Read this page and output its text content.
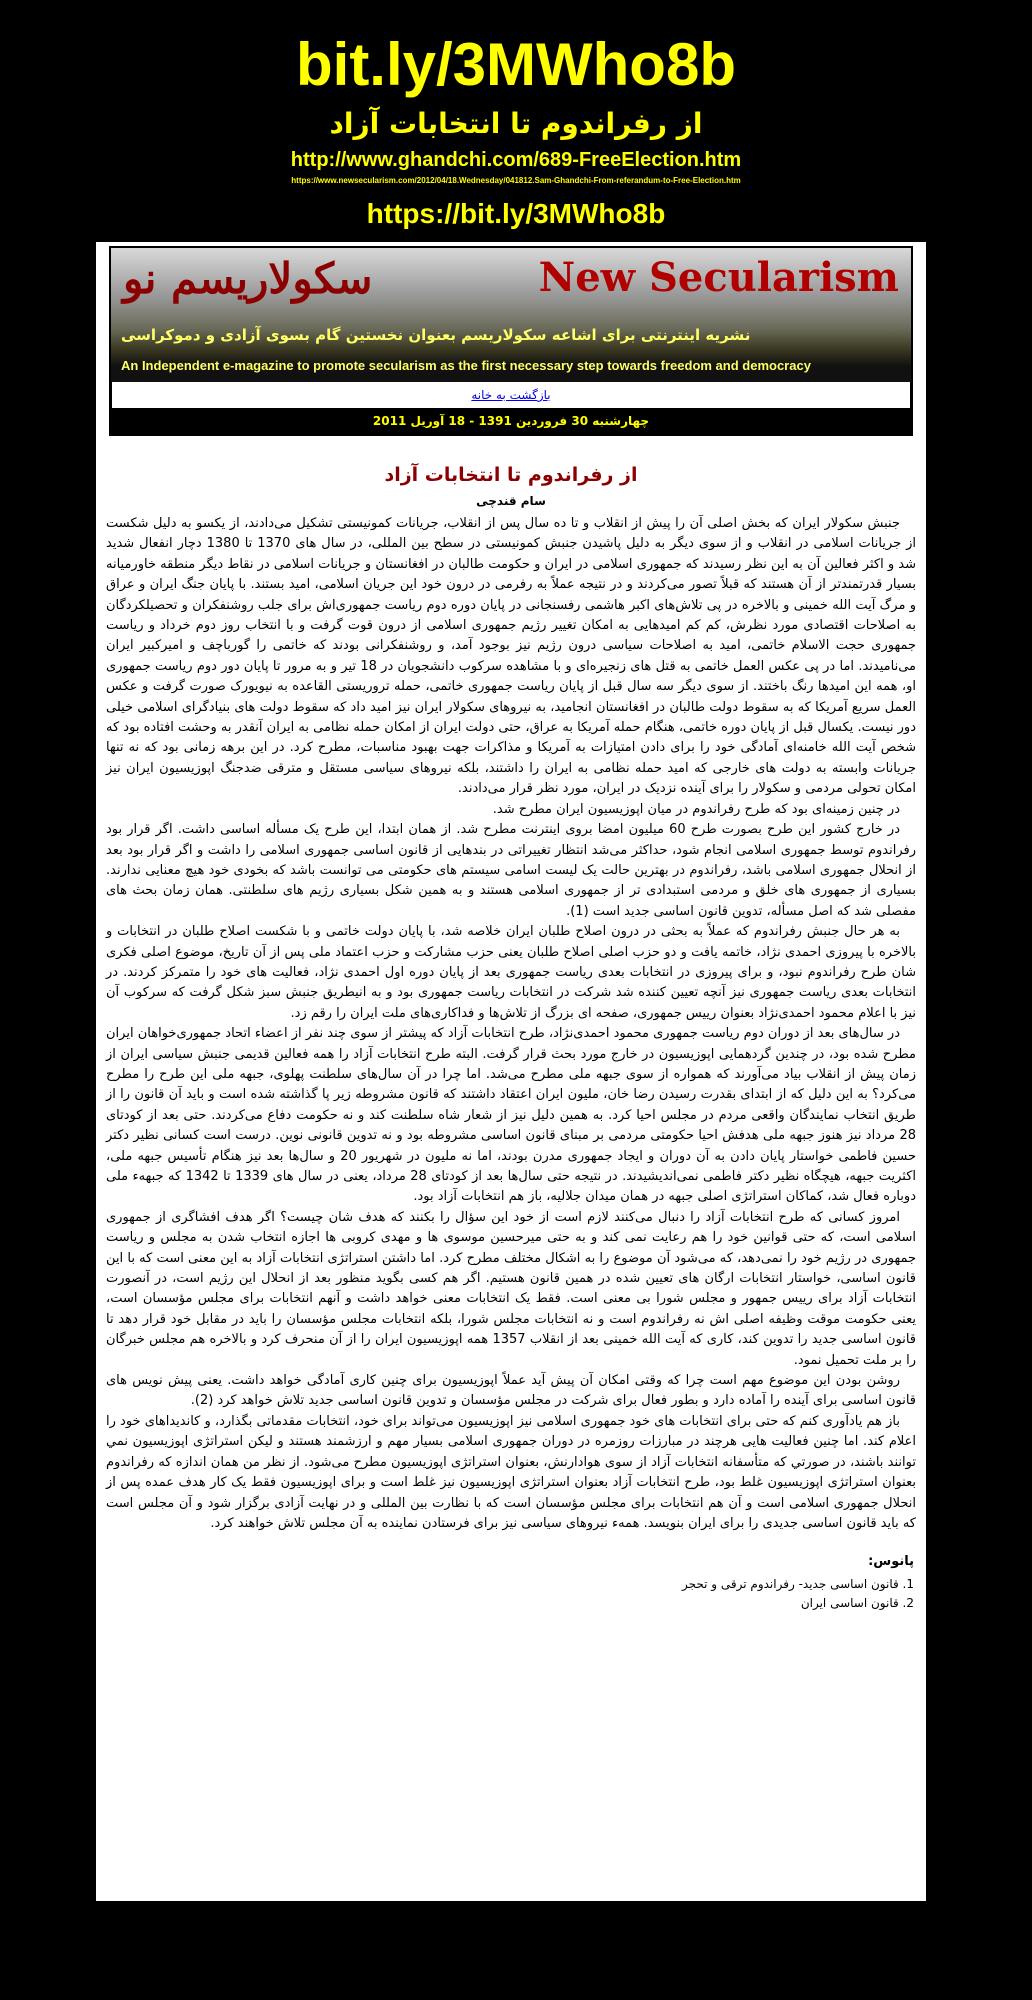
bit.ly/3MWho8b
از رفراندوم تا انتخابات آزاد
http://www.ghandchi.com/689-FreeElection.htm
https://www.newsecularism.com/2012/04/18.Wednesday/041812.Sam-Ghandchi-From-referandum-to-Free-Election.htm
https://bit.ly/3MWho8b
سکولاریسم نو	New Secularism
نشریه اینترنتی برای اشاعه سکولاریسم بعنوان نخستین گام بسوی آزادی و دموکراسی
An Independent e-magazine to promote secularism as the first necessary step towards freedom and democracy
بازگشت به خانه
چهارشنبه 30 فروردین 1391 - 18 آوریل 2011
از رفراندوم تا انتخابات آزاد
سام قندچی

جنبش سکولار ایران که بخش اصلی آن را پیش از انقلاب و تا ده سال پس از انقلاب، جریانات کمونیستی تشکیل می‌دادند، از یکسو به دلیل شکست از جریانات اسلامی در انقلاب و از سوی دیگر به دلیل پاشیدن جنبش کمونیستی در سطح بین المللی، در سال های 1370 تا 1380 دچار انفعال شدید شد و اکثر فعالین آن به این نظر رسیدند که جمهوری اسلامی در ایران و حکومت طالبان در افغانستان و جریانات اسلامی در نقاط دیگر منطقه خاورمیانه بسیار قدرتمندتر از آن هستند که قبلاً تصور می‌کردند و در نتیجه عملاً به رفرمی در درون خود این جریان اسلامی، امید بستند. با پایان جنگ ایران و عراق و مرگ آیت الله خمینی و بالاخره در پی تلاش‌های اکبر هاشمی رفسنجانی در پایان دوره دوم ریاست جمهوری‌اش برای جلب روشنفکران و تحصیلکردگان به اصلاحات اقتصادی مورد نظرش، کم کم امیدهایی به امکان تغییر رژیم جمهوری اسلامی از درون قوت گرفت و با انتخاب روز دوم خرداد و ریاست جمهوری حجت الاسلام خاتمی، امید به اصلاحات سیاسی درون رژیم نیز بوجود آمد، و روشنفکرانی بودند که خاتمی را گورباچف و امیرکبیر ایران می‌نامیدند. اما در پی عکس العمل خاتمی به قتل های زنجیره‌ای و با مشاهده سرکوب دانشجویان در 18 تیر و به مرور تا پایان دور دوم ریاست جمهوری او، همه این امیدها رنگ باختند. از سوی دیگر سه سال قبل از پایان ریاست جمهوری خاتمی، حمله تروریستی القاعده به نیویورک صورت گرفت و عکس العمل سریع آمریکا که به سقوط دولت طالبان در افغانستان انجامید، به نیروهای سکولار ایران نیز امید داد که سقوط دولت های بنیادگرای اسلامی خیلی دور نیست. یکسال قبل از پایان دوره خاتمی، هنگام حمله آمریکا به عراق، حتی دولت ایران از امکان حمله نظامی به ایران آنقدر به وحشت افتاده بود که شخص آیت الله خامنه‌ای آمادگی خود را برای دادن امتیازات به آمریکا و مذاکرات جهت بهبود مناسبات، مطرح کرد. در این برهه زمانی بود که نه تنها جریانات وابسته به دولت های خارجی که امید حمله نظامی به ایران را داشتند، بلکه نیروهای سیاسی مستقل و مترقی ضدجنگ اپوزیسیون ایران نیز امکان تحولی مردمی و سکولار را برای آینده نزدیک در ایران، مورد نظر قرار می‌دادند.

در چنین زمینه‌ای بود که طرح رفراندوم در میان اپوزیسیون ایران مطرح شد.

در خارج کشور این طرح بصورت طرح 60 میلیون امضا بروی اینترنت مطرح شد. از همان ابتدا، این طرح یک مسأله اساسی داشت. اگر قرار بود رفراندوم توسط جمهوری اسلامی انجام شود، حداکثر می‌شد انتظار تغییراتی در بندهایی از قانون اساسی جمهوری اسلامی را داشت و اگر قرار بود بعد از انحلال جمهوری اسلامی باشد، رفراندوم در بهترین حالت یک لیست اسامی سیستم های حکومتی می توانست باشد که بخودی خود هیچ معنایی ندارند. بسیاری از جمهوری های خلق و مردمی استبدادی تر از جمهوری اسلامی هستند و به همین شکل بسیاری رژیم های سلطنتی. همان زمان بحث های مفصلی شد که اصل مسأله، تدوین قانون اساسی جدید است (1).

به هر حال جنبش رفراندوم که عملاً به بحثی در درون اصلاح طلبان ایران خلاصه شد، با پایان دولت خاتمی و با شکست اصلاح طلبان در انتخابات و بالاخره با پیروزی احمدی نژاد، خاتمه یافت و دو حزب اصلی اصلاح طلبان یعنی حزب مشارکت و حزب اعتماد ملی پس از آن تاریخ، موضوع اصلی فکری شان طرح رفراندوم نبود، و برای پیروزی در انتخابات بعدی ریاست جمهوری بعد از پایان دوره اول احمدی نژاد، فعالیت های خود را متمرکز کردند. در انتخابات بعدی ریاست جمهوری نیز آنچه تعیین کننده شد شرکت در انتخابات ریاست جمهوری بود و به انیطریق جنبش سبز شکل گرفت که سرکوب آن نیز با اعلام محمود احمدی‌نژاد بعنوان رییس جمهوری، صفحه ای بزرگ از تلاش‌ها و فداکاری‌های ملت ایران را رقم زد.

در سال‌های بعد از دوران دوم ریاست جمهوری محمود احمدی‌نژاد، طرح انتخابات آزاد که پیشتر از سوی چند نفر از اعضاء اتحاد جمهوری‌خواهان ایران مطرح شده بود، در چندین گردهمایی اپوزیسیون در خارج مورد بحث قرار گرفت. البته طرح انتخابات آزاد را همه فعالین قدیمی جنبش سیاسی ایران از زمان پیش از انقلاب بیاد می‌آورند که همواره از سوی جبهه ملی مطرح می‌شد. اما چرا در آن سال‌های سلطنت پهلوی، جبهه ملی این طرح را مطرح می‌کرد؟ به این دلیل که از ابتدای بقدرت رسیدن رضا خان، ملیون ایران اعتقاد داشتند که قانون مشروطه زیر پا گذاشته شده است و باید آن قانون را از طریق انتخاب نمایندگان واقعی مردم در مجلس احیا کرد. به همین دلیل نیز از شعار شاه سلطنت کند و نه حکومت دفاع می‌کردند. حتی بعد از کودتای 28 مرداد نیز هنوز جبهه ملی هدفش احیا حکومتی مردمی بر مبنای قانون اساسی مشروطه بود و نه تدوین قانونی نوین. درست است کسانی نظیر دکتر حسین فاطمی خواستار پایان دادن به آن دوران و ایجاد جمهوری مدرن بودند، اما نه ملیون در شهریور 20 و سال‌ها بعد نیز هنگام تأسیس جبهه ملی، اکثریت جبهه، هیچگاه نظیر دکتر فاطمی نمی‌اندیشیدند. در نتیجه حتی سال‌ها بعد از کودتای 28 مرداد، یعنی در سال های 1339 تا 1342 که جبهه‌ء ملی دوباره فعال شد، کماکان استراتژی اصلی جبهه در همان میدان جلالیه، باز هم انتخابات آزاد بود.

امروز کسانی که طرح انتخابات آزاد را دنبال می‌کنند لازم است از خود این سؤال را بکنند که هدف شان چیست؟ اگر هدف افشاگری از جمهوری اسلامی است، که حتی قوانین خود را هم رعایت نمی کند و به حتی میرحسین موسوی ها و مهدی کروبی ها اجازه انتخاب شدن به مجلس و ریاست جمهوری در رژیم خود را نمی‌دهد، که می‌شود آن موضوع را به اشکال مختلف مطرح کرد. اما داشتن استراتژی انتخابات آزاد به این معنی است که با این قانون اساسی، خواستار انتخابات ارگان های تعیین شده در همین قانون هستیم. اگر هم کسی بگوید منظور بعد از انحلال این رژیم است، در آنصورت انتخابات آزاد برای رییس جمهور و مجلس شورا بی معنی است. فقط یک انتخابات معنی خواهد داشت و آنهم انتخابات برای مجلس مؤسسان است، یعنی حکومت موقت وظیفه اصلی اش نه رفراندوم است و نه انتخابات مجلس شورا، بلکه انتخابات مجلس مؤسسان را باید در مقابل خود قرار دهد تا قانون اساسی جدید را تدوین کند، کاری که آیت الله خمینی بعد از انقلاب 1357 همه اپوزیسیون ایران را از آن منحرف کرد و بالاخره هم مجلس خبرگان را بر ملت تحمیل نمود.

روشن بودن این موضوع مهم است چرا که وقتی امکان آن پیش آید عملاً اپوزیسیون برای چنین کاری آمادگی خواهد داشت. یعنی پیش نویس های قانون اساسی برای آینده را آماده دارد و بطور فعال برای شرکت در مجلس مؤسسان و تدوین قانون اساسی جدید تلاش خواهد کرد (2).

باز هم یادآوری کنم که حتی برای انتخابات های خود جمهوری اسلامی نیز اپوزیسیون می‌تواند برای خود، انتخابات مقدماتی بگذارد، و کاندیداهای خود را اعلام کند. اما چنین فعالیت هایی هرچند در مبارزات روزمره در دوران جمهوری اسلامی بسیار مهم و ارزشمند هستند و لیکن استراتژی اپوزیسیون نمي توانند باشند، در صورتي که متأسفانه انتخابات آزاد از سوی هوادارنش، بعنوان استراتژی اپوزیسیون مطرح می‌شود. از نظر من همان اندازه که رفراندوم بعنوان استراتژی اپوزیسیون غلط بود، طرح انتخابات آزاد بعنوان استراتژی اپوزیسیون نیز غلط است و برای اپوزیسیون فقط یک کار هدف عمده پس از انحلال جمهوری اسلامی است و آن هم انتخابات برای مجلس مؤسسان است که با نظارت بین المللی و در نهایت آزادی برگزار شود و آن مجلس است که باید قانون اساسی جدیدی را برای ایران بنویسد. همهء نیروهای سیاسی نیز برای فرستادن نماینده به آن مجلس تلاش خواهند کرد.

پانوس:
1. قانون اساسی جدید- رفراندوم ترقی و تحجر
2. قانون اساسی ایران
